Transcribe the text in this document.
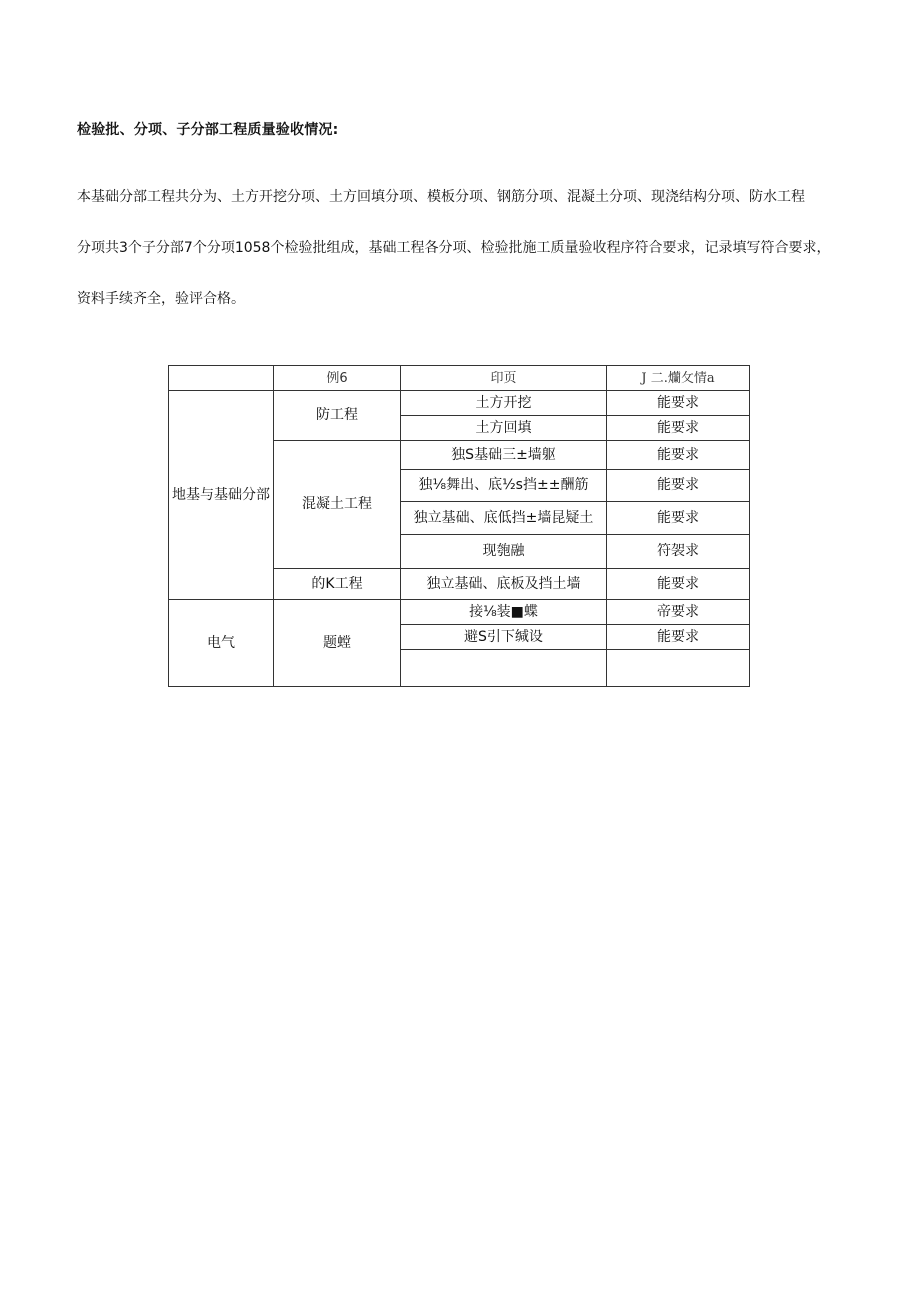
检验批、分项、子分部工程质量验收情况:

本基础分部工程共分为、土方开挖分项、土方回填分项、模板分项、钢筋分项、混凝土分项、现浇结构分项、防水工程

分项共3个子分部7个分项1058个检验批组成，基础工程各分项、检验批施工质量验收程序符合要求，记录填写符合要求，

资料手续齐全，验评合格。

	例6	印页	J 二.爤攵情a
地基与基础分部	防工程	土方开挖	能要求
		土方回填	能要求
	混凝土工程	独S基础三±墙躯	能要求
		独⅛舞出、底½s挡±±酬筋	能要求
		独立基础、底低挡±墙昆疑土	能要求
		现匏融	符袈求
	的K工程	独立基础、底板及挡土墙	能要求
电气	题螳	接⅛装■蝶	帝要求
		避S引下缄设	能要求
